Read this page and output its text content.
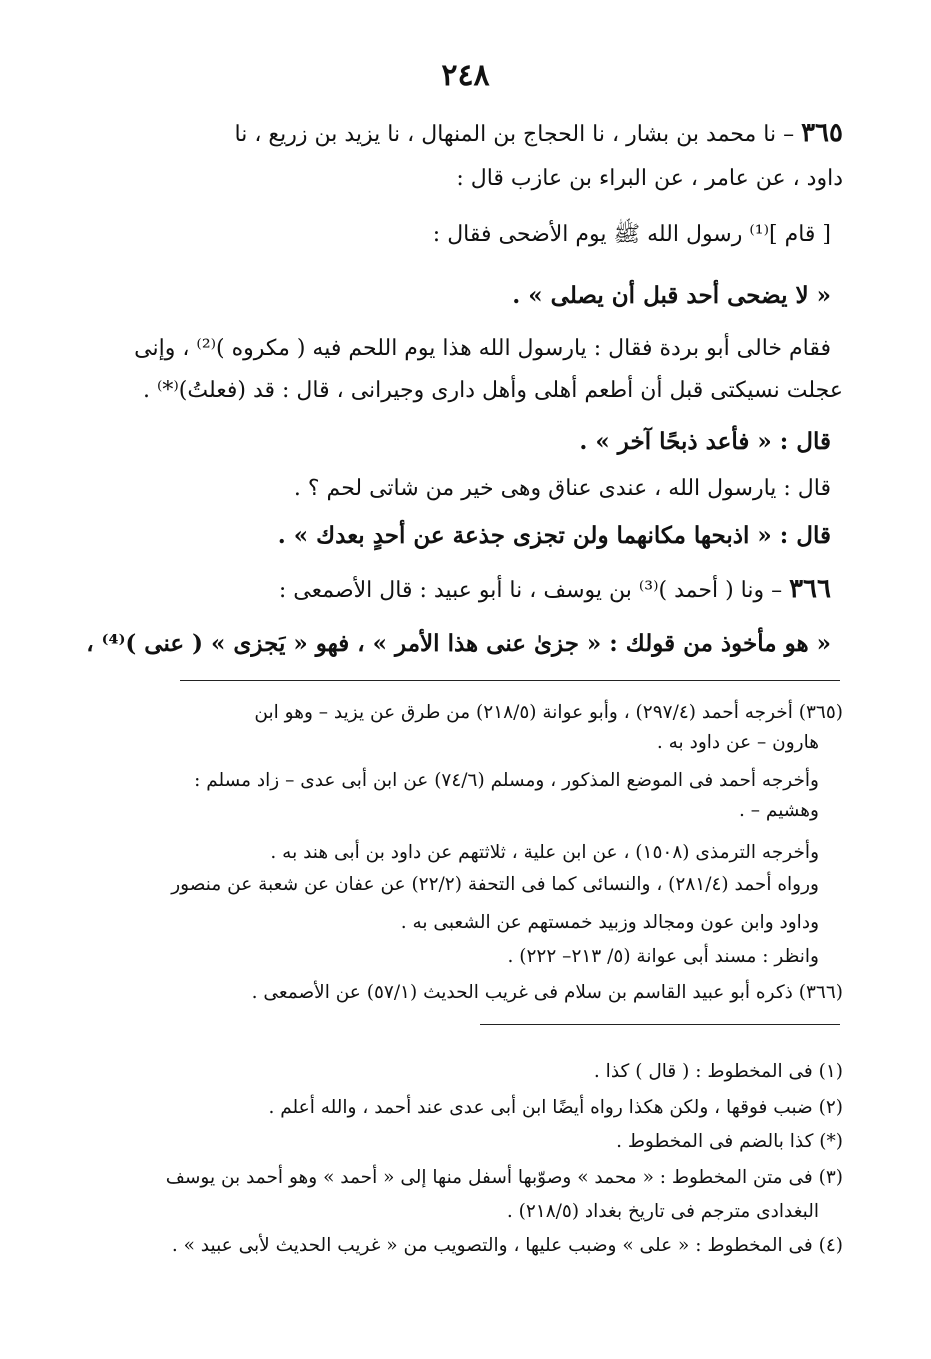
٢٤٨
٣٦٥ – نا محمد بن بشار ، نا الحجاج بن المنهال ، نا يزيد بن زريع ، نا
داود ، عن عامر ، عن البراء بن عازب قال :
[ قام ]⁽¹⁾ رسول الله ﷺ يوم الأضحى فقال :
« لا يضحى أحد قبل أن يصلى » .
فقام خالى أبو بردة فقال : يارسول الله هذا يوم اللحم فيه ( مكروه )⁽²⁾ ، وإنى
عجلت نسيكتى قبل أن أطعم أهلى وأهل دارى وجيرانى ، قال : قد (فعلتُ)⁽*⁾ .
قال : « فأعد ذبحًا آخر » .
قال : يارسول الله ، عندى عناق وهى خير من شاتى لحم ؟ .
قال : « اذبحها مكانهما ولن تجزى جذعة عن أحدٍ بعدك » .
٣٦٦ – ونا ( أحمد )⁽³⁾ بن يوسف ، نا أبو عبيد : قال الأصمعى :
« هو مأخوذ من قولك : « جزىٰ عنى هذا الأمر » ، فهو « يَجزى » ( عنى )⁽⁴⁾ ،
(٣٦٥) أخرجه أحمد (٢٩٧/٤) ، وأبو عوانة (٢١٨/٥) من طرق عن يزيد – وهو ابن
هارون – عن داود به .
وأخرجه أحمد فى الموضع المذكور ، ومسلم (٧٤/٦) عن ابن أبى عدى – زاد مسلم :
وهشيم – .
وأخرجه الترمذى (١٥٠٨) ، عن ابن علية ، ثلاثتهم عن داود بن أبى هند به .
ورواه أحمد (٢٨١/٤) ، والنسائى كما فى التحفة (٢٢/٢) عن عفان عن شعبة عن منصور
وداود وابن عون ومجالد وزبيد خمستهم عن الشعبى به .
وانظر : مسند أبى عوانة (٥/ ٢١٣– ٢٢٢) .
(٣٦٦) ذكره أبو عبيد القاسم بن سلام فى غريب الحديث (٥٧/١) عن الأصمعى .
(١) فى المخطوط : ( قال ) كذا .
(٢) ضبب فوقها ، ولكن هكذا رواه أيضًا ابن أبى عدى عند أحمد ، والله أعلم .
(*) كذا بالضم فى المخطوط .
(٣) فى متن المخطوط : « محمد » وصوّبها أسفل منها إلى « أحمد » وهو أحمد بن يوسف
البغدادى مترجم فى تاريخ بغداد (٢١٨/٥) .
(٤) فى المخطوط : « على » وضبب عليها ، والتصويب من « غريب الحديث لأبى عبيد » .
